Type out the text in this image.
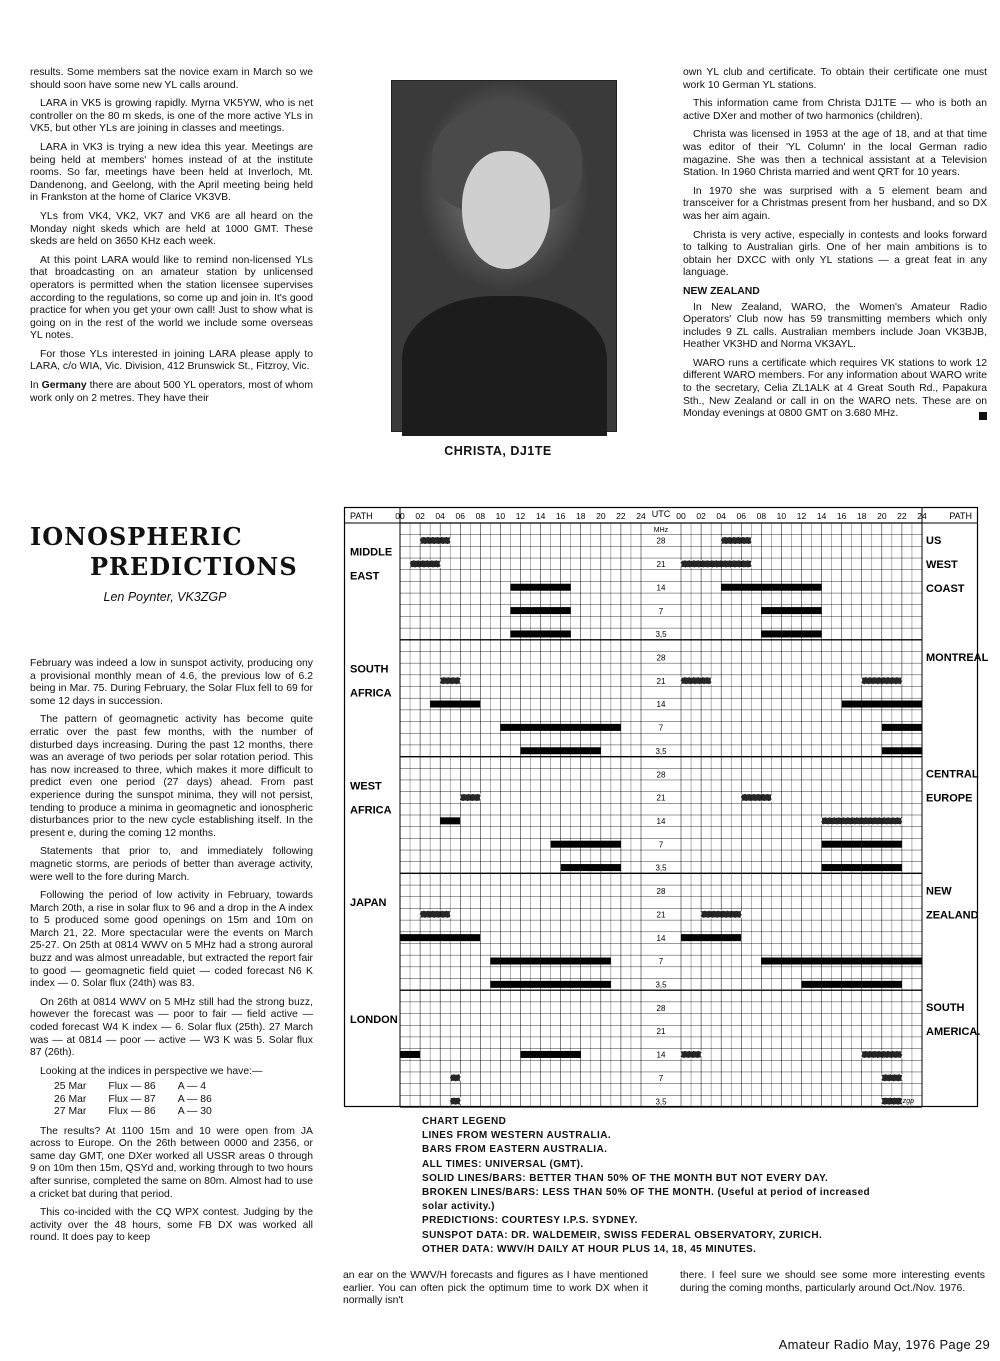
results. Some members sat the novice exam in March so we should soon have some new YL calls around.

LARA in VK5 is growing rapidly. Myrna VK5YW, who is net controller on the 80 m skeds, is one of the more active YLs in VK5, but other YLs are joining in classes and meetings.

LARA in VK3 is trying a new idea this year. Meetings are being held at members' homes instead of at the institute rooms. So far, meetings have been held at Inverloch, Mt. Dandenong, and Geelong, with the April meeting being held in Frankston at the home of Clarice VK3VB.

YLs from VK4, VK2, VK7 and VK6 are all heard on the Monday night skeds which are held at 1000 GMT. These skeds are held on 3650 KHz each week.

At this point LARA would like to remind non-licensed YLs that broadcasting on an amateur station by unlicensed operators is permitted when the station licensee supervises according to the regulations, so come up and join in. It's good practice for when you get your own call! Just to show what is going on in the rest of the world we include some overseas YL notes.

For those YLs interested in joining LARA please apply to LARA, c/o WIA, Vic. Division, 412 Brunswick St., Fitzroy, Vic.

In Germany there are about 500 YL operators, most of whom work only on 2 metres. They have their

CHRISTA, DJ1TE

own YL club and certificate. To obtain their certificate one must work 10 German YL stations.

This information came from Christa DJ1TE — who is both an active DXer and mother of two harmonics (children).

Christa was licensed in 1953 at the age of 18, and at that time was editor of their 'YL Column' in the local German radio magazine. She was then a technical assistant at a Television Station. In 1960 Christa married and went QRT for 10 years.

In 1970 she was surprised with a 5 element beam and transceiver for a Christmas present from her husband, and so DX was her aim again.

Christa is very active, especially in contests and looks forward to talking to Australian girls. One of her main ambitions is to obtain her DXCC with only YL stations — a great feat in any language.

NEW ZEALAND

In New Zealand, WARO, the Women's Amateur Radio Operators' Club now has 59 transmitting members which only includes 9 ZL calls. Australian members include Joan VK3BJB, Heather VK3HD and Norma VK3AYL.

WARO runs a certificate which requires VK stations to work 12 different WARO members. For any information about WARO write to the secretary, Celia ZL1ALK at 4 Great South Rd., Papakura Sth., New Zealand or call in on the WARO nets. These are on Monday evenings at 0800 GMT on 3.680 MHz.

IONOSPHERIC
PREDICTIONS
Len Poynter, VK3ZGP

February was indeed a low in sunspot activity, producing ony a provisional monthly mean of 4.6, the previous low of 6.2 being in Mar. 75. During February, the Solar Flux fell to 69 for some 12 days in succession.

The pattern of geomagnetic activity has become quite erratic over the past few months, with the number of disturbed days increasing. During the past 12 months, there was an average of two periods per solar rotation period. This has now increased to three, which makes it more difficult to predict even one period (27 days) ahead. From past experience during the sunspot minima, they will not persist, tending to produce a minima in geomagnetic and ionospheric disturbances prior to the new cycle establishing itself. In the present e, during the coming 12 months.

Statements that prior to, and immediately following magnetic storms, are periods of better than average activity, were well to the fore during March.

Following the period of low activity in February, towards March 20th, a rise in solar flux to 96 and a drop in the A index to 5 produced some good openings on 15m and 10m on March 21, 22. More spectacular were the events on March 25-27. On 25th at 0814 WWV on 5 MHz had a strong auroral buzz and was almost unreadable, but extracted the report fair to good — geomagnetic field quiet — coded forecast N6 K index — 0. Solar flux (24th) was 83.

On 26th at 0814 WWV on 5 MHz still had the strong buzz, however the forecast was — poor to fair — field active — coded forecast W4 K index — 6. Solar flux (25th). 27 March was — at 0814 — poor — active — W3 K was 5. Solar flux 87 (26th).

Looking at the indices in perspective we have:—

25 Mar	Flux — 86	A — 4
26 Mar	Flux — 87	A — 86
27 Mar	Flux — 86	A — 30

The results? At 1100 15m and 10 were open from JA across to Europe. On the 26th between 0000 and 2356, or same day GMT, one DXer worked all USSR areas 0 through 9 on 10m then 15m, QSYd and, working through to two hours after sunrise, completed the same on 80m. Almost had to use a cricket bat during that period.

This co-incided with the CQ WPX contest. Judging by the activity over the 48 hours, some FB DX was worked all round. It does pay to keep

PATH	PATH
UTC
MHz
00 02 04 06 08 10 12 14 16 18 20 22 24	00 02 04 06 08 10 12 14 16 18 20 22 24
28
21
14
7
3,5
MIDDLE
EAST
US
WEST
COAST
28
21
14
7
3,5
SOUTH
AFRICA
MONTREAL
28
21
14
7
3,5
WEST
AFRICA
CENTRAL
EUROPE
28
21
14
7
3,5
JAPAN
NEW
ZEALAND
28
21
14
7
3,5
LONDON
SOUTH
AMERICA.
zgp
CHART LEGEND
LINES FROM WESTERN AUSTRALIA.
BARS FROM EASTERN AUSTRALIA.
ALL TIMES: UNIVERSAL (GMT).
SOLID LINES/BARS: BETTER THAN 50% OF THE MONTH BUT NOT EVERY DAY.
BROKEN LINES/BARS: LESS THAN 50% OF THE MONTH. (Useful at period of increased
solar activity.)
PREDICTIONS: COURTESY I.P.S. SYDNEY.
SUNSPOT DATA: DR. WALDEMEIR, SWISS FEDERAL OBSERVATORY, ZURICH.
OTHER DATA: WWV/H DAILY AT HOUR PLUS 14, 18, 45 MINUTES.

an ear on the WWV/H forecasts and figures as I have mentioned earlier. You can often pick the optimum time to work DX when it normally isn't

there. I feel sure we should see some more interesting events during the coming months, particularly around Oct./Nov. 1976.

Amateur Radio May, 1976 Page 29
